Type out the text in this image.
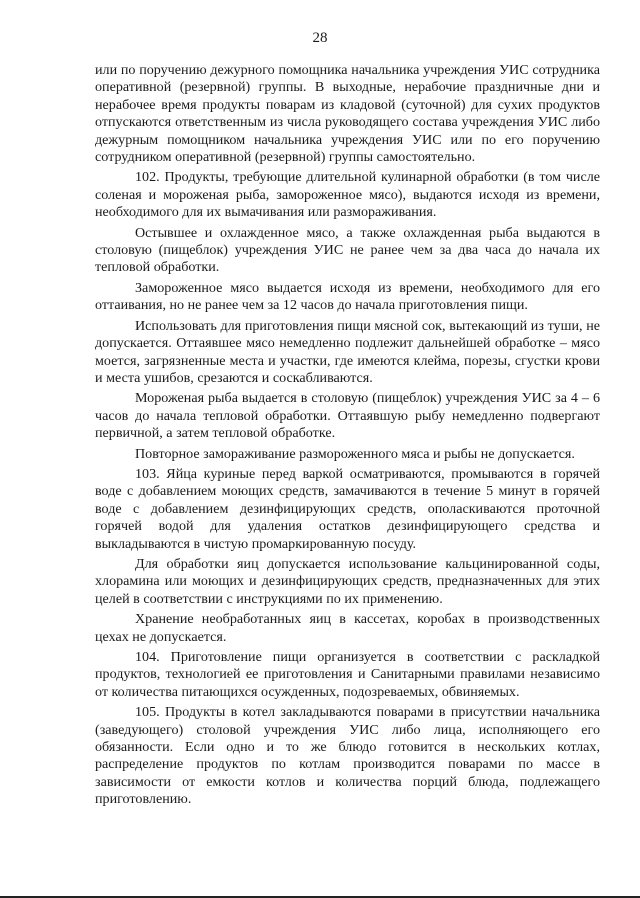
28

или по поручению дежурного помощника начальника учреждения УИС сотрудника оперативной (резервной) группы. В выходные, нерабочие праздничные дни и нерабочее время продукты поварам из кладовой (суточной) для сухих продуктов отпускаются ответственным из числа руководящего состава учреждения УИС либо дежурным помощником начальника учреждения УИС или по его поручению сотрудником оперативной (резервной) группы самостоятельно.

102. Продукты, требующие длительной кулинарной обработки (в том числе соленая и мороженая рыба, замороженное мясо), выдаются исходя из времени, необходимого для их вымачивания или размораживания.

Остывшее и охлажденное мясо, а также охлажденная рыба выдаются в столовую (пищеблок) учреждения УИС не ранее чем за два часа до начала их тепловой обработки.

Замороженное мясо выдается исходя из времени, необходимого для его оттаивания, но не ранее чем за 12 часов до начала приготовления пищи.

Использовать для приготовления пищи мясной сок, вытекающий из туши, не допускается. Оттаявшее мясо немедленно подлежит дальнейшей обработке – мясо моется, загрязненные места и участки, где имеются клейма, порезы, сгустки крови и места ушибов, срезаются и соскабливаются.

Мороженая рыба выдается в столовую (пищеблок) учреждения УИС за 4 – 6 часов до начала тепловой обработки. Оттаявшую рыбу немедленно подвергают первичной, а затем тепловой обработке.

Повторное замораживание размороженного мяса и рыбы не допускается.

103. Яйца куриные перед варкой осматриваются, промываются в горячей воде с добавлением моющих средств, замачиваются в течение 5 минут в горячей воде с добавлением дезинфицирующих средств, ополаскиваются проточной горячей водой для удаления остатков дезинфицирующего средства и выкладываются в чистую промаркированную посуду.

Для обработки яиц допускается использование кальцинированной соды, хлорамина или моющих и дезинфицирующих средств, предназначенных для этих целей в соответствии с инструкциями по их применению.

Хранение необработанных яиц в кассетах, коробах в производственных цехах не допускается.

104. Приготовление пищи организуется в соответствии с раскладкой продуктов, технологией ее приготовления и Санитарными правилами независимо от количества питающихся осужденных, подозреваемых, обвиняемых.

105. Продукты в котел закладываются поварами в присутствии начальника (заведующего) столовой учреждения УИС либо лица, исполняющего его обязанности. Если одно и то же блюдо готовится в нескольких котлах, распределение продуктов по котлам производится поварами по массе в зависимости от емкости котлов и количества порций блюда, подлежащего приготовлению.
